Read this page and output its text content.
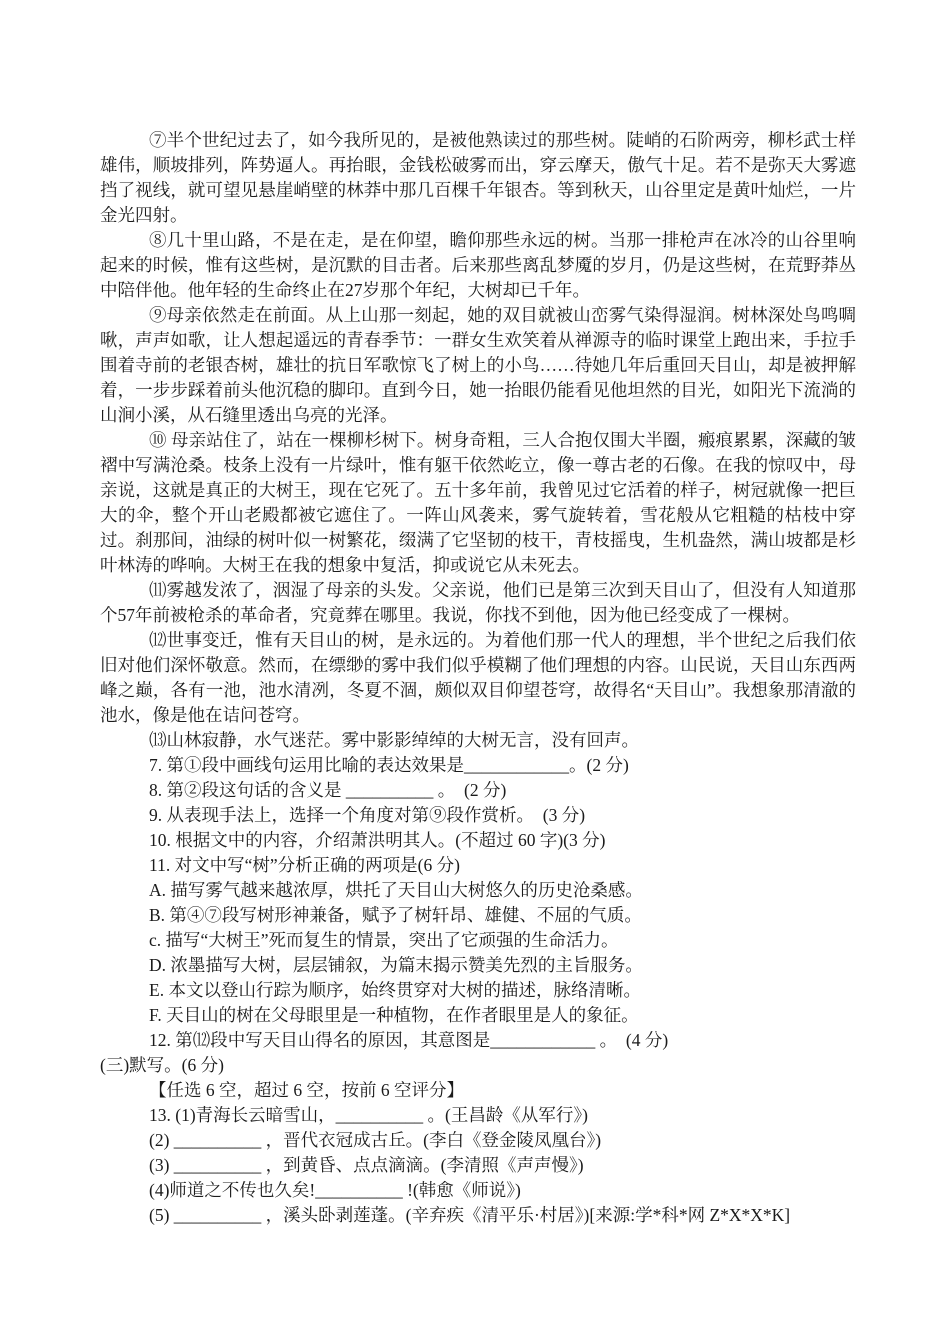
⑦半个世纪过去了，如今我所见的，是被他熟读过的那些树。陡峭的石阶两旁，柳杉武士样雄伟，顺坡排列，阵势逼人。再抬眼，金钱松破雾而出，穿云摩天，傲气十足。若不是弥天大雾遮挡了视线，就可望见悬崖峭壁的林莽中那几百棵千年银杏。等到秋天，山谷里定是黄叶灿烂，一片金光四射。

⑧几十里山路，不是在走，是在仰望，瞻仰那些永远的树。当那一排枪声在冰冷的山谷里响起来的时候，惟有这些树，是沉默的目击者。后来那些离乱梦魇的岁月，仍是这些树，在荒野莽丛中陪伴他。他年轻的生命终止在27岁那个年纪，大树却已千年。

⑨母亲依然走在前面。从上山那一刻起，她的双目就被山峦雾气染得湿润。树林深处鸟鸣啁啾，声声如歌，让人想起遥远的青春季节：一群女生欢笑着从禅源寺的临时课堂上跑出来，手拉手围着寺前的老银杏树，雄壮的抗日军歌惊飞了树上的小鸟……待她几年后重回天目山，却是被押解着，一步步踩着前头他沉稳的脚印。直到今日，她一抬眼仍能看见他坦然的目光，如阳光下流淌的山涧小溪，从石缝里透出乌亮的光泽。

⑩ 母亲站住了，站在一棵柳杉树下。树身奇粗，三人合抱仅围大半圈，瘢痕累累，深藏的皱褶中写满沧桑。枝条上没有一片绿叶，惟有躯干依然屹立，像一尊古老的石像。在我的惊叹中，母亲说，这就是真正的大树王，现在它死了。五十多年前，我曾见过它活着的样子，树冠就像一把巨大的伞，整个开山老殿都被它遮住了。一阵山风袭来，雾气旋转着，雪花般从它粗糙的枯枝中穿过。刹那间，油绿的树叶似一树繁花，缀满了它坚韧的枝干，青枝摇曳，生机盎然，满山坡都是杉叶林涛的哗响。大树王在我的想象中复活，抑或说它从未死去。

⑾雾越发浓了，洇湿了母亲的头发。父亲说，他们已是第三次到天目山了，但没有人知道那个57年前被枪杀的革命者，究竟葬在哪里。我说，你找不到他，因为他已经变成了一棵树。

⑿世事变迁，惟有天目山的树，是永远的。为着他们那一代人的理想，半个世纪之后我们依旧对他们深怀敬意。然而，在缥缈的雾中我们似乎模糊了他们理想的内容。山民说，天目山东西两峰之巅，各有一池，池水清冽，冬夏不涸，颇似双目仰望苍穹，故得名“天目山”。我想象那清澈的池水，像是他在诘问苍穹。

⒀山林寂静，水气迷茫。雾中影影绰绰的大树无言，没有回声。

7. 第①段中画线句运用比喻的表达效果是____________。(2 分)
8. 第②段这句话的含义是 __________ 。　(2 分)
9. 从表现手法上，选择一个角度对第⑨段作赏析。　(3 分)
10. 根据文中的内容，介绍萧洪明其人。(不超过 60 字)(3 分)
11. 对文中写“树”分析正确的两项是(6 分)
A. 描写雾气越来越浓厚，烘托了天目山大树悠久的历史沧桑感。
B. 第④⑦段写树形神兼备，赋予了树轩昂、雄健、不屈的气质。
c. 描写“大树王”死而复生的情景，突出了它顽强的生命活力。
D. 浓墨描写大树，层层铺叙，为篇末揭示赞美先烈的主旨服务。
E. 本文以登山行踪为顺序，始终贯穿对大树的描述，脉络清晰。
F. 天目山的树在父母眼里是一种植物，在作者眼里是人的象征。
12. 第⑿段中写天目山得名的原因，其意图是____________ 。　(4 分)
(三)默写。(6 分)
【任选 6 空，超过 6 空，按前 6 空评分】
13. (1)青海长云暗雪山，__________ 。(王昌龄《从军行》)
(2) __________ ，晋代衣冠成古丘。(李白《登金陵凤凰台》)
(3) __________ ，到黄昏、点点滴滴。(李清照《声声慢》)
(4)师道之不传也久矣!__________ !(韩愈《师说》)
(5) __________ ，溪头卧剥莲蓬。(辛弃疾《清平乐·村居》)[来源:学*科*网 Z*X*X*K]
